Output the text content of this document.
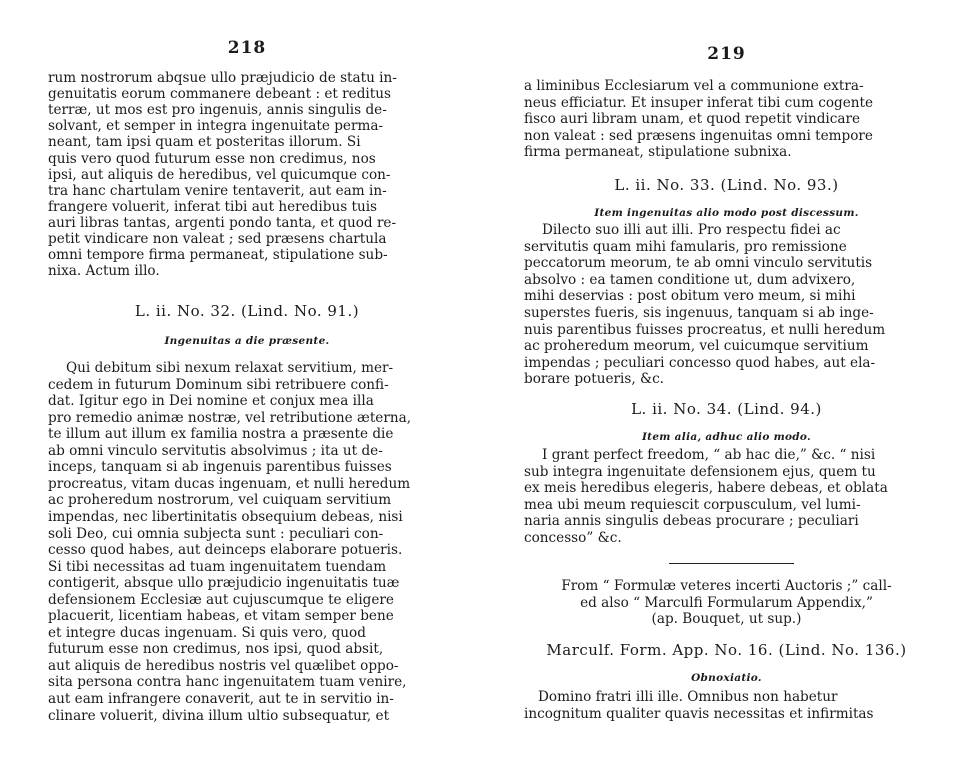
218
rum nostrorum abqsue ullo præjudicio de statu in-
genuitatis eorum commanere debeant : et reditus
terræ, ut mos est pro ingenuis, annis singulis de-
solvant, et semper in integra ingenuitate perma-
neant, tam ipsi quam et posteritas illorum. Si
quis vero quod futurum esse non credimus, nos
ipsi, aut aliquis de heredibus, vel quicumque con-
tra hanc chartulam venire tentaverit, aut eam in-
frangere voluerit, inferat tibi aut heredibus tuis
auri libras tantas, argenti pondo tanta, et quod re-
petit vindicare non valeat ; sed præsens chartula
omni tempore firma permaneat, stipulatione sub-
nixa. Actum illo.
L. ii. No. 32. (Lind. No. 91.)
Ingenuitas a die præsente.
Qui debitum sibi nexum relaxat servitium, mer-
cedem in futurum Dominum sibi retribuere confi-
dat. Igitur ego in Dei nomine et conjux mea illa
pro remedio animæ nostræ, vel retributione æterna,
te illum aut illum ex familia nostra a præsente die
ab omni vinculo servitutis absolvimus ; ita ut de-
inceps, tanquam si ab ingenuis parentibus fuisses
procreatus, vitam ducas ingenuam, et nulli heredum
ac proheredum nostrorum, vel cuiquam servitium
impendas, nec libertinitatis obsequium debeas, nisi
soli Deo, cui omnia subjecta sunt : peculiari con-
cesso quod habes, aut deinceps elaborare potueris.
Si tibi necessitas ad tuam ingenuitatem tuendam
contigerit, absque ullo præjudicio ingenuitatis tuæ
defensionem Ecclesiæ aut cujuscumque te eligere
placuerit, licentiam habeas, et vitam semper bene
et integre ducas ingenuam. Si quis vero, quod
futurum esse non credimus, nos ipsi, quod absit,
aut aliquis de heredibus nostris vel quælibet oppo-
sita persona contra hanc ingenuitatem tuam venire,
aut eam infrangere conaverit, aut te in servitio in-
clinare voluerit, divina illum ultio subsequatur, et
219
a liminibus Ecclesiarum vel a communione extra-
neus efficiatur. Et insuper inferat tibi cum cogente
fisco auri libram unam, et quod repetit vindicare
non valeat : sed præsens ingenuitas omni tempore
firma permaneat, stipulatione subnixa.
L. ii. No. 33. (Lind. No. 93.)
Item ingenuitas alio modo post discessum.
Dilecto suo illi aut illi. Pro respectu fidei ac
servitutis quam mihi famularis, pro remissione
peccatorum meorum, te ab omni vinculo servitutis
absolvo : ea tamen conditione ut, dum advixero,
mihi deservias : post obitum vero meum, si mihi
superstes fueris, sis ingenuus, tanquam si ab inge-
nuis parentibus fuisses procreatus, et nulli heredum
ac proheredum meorum, vel cuicumque servitium
impendas ; peculiari concesso quod habes, aut ela-
borare potueris, &c.
L. ii. No. 34. (Lind. 94.)
Item alia, adhuc alio modo.
I grant perfect freedom, “ ab hac die,” &c. “ nisi
sub integra ingenuitate defensionem ejus, quem tu
ex meis heredibus elegeris, habere debeas, et oblata
mea ubi meum requiescit corpusculum, vel lumi-
naria annis singulis debeas procurare ; peculiari
concesso” &c.
From “ Formulæ veteres incerti Auctoris ;” call-
ed also “ Marculfi Formularum Appendix,”
(ap. Bouquet, ut sup.)
Marculf. Form. App. No. 16. (Lind. No. 136.)
Obnoxiatio.
Domino fratri illi ille. Omnibus non habetur
incognitum qualiter quavis necessitas et infirmitas
